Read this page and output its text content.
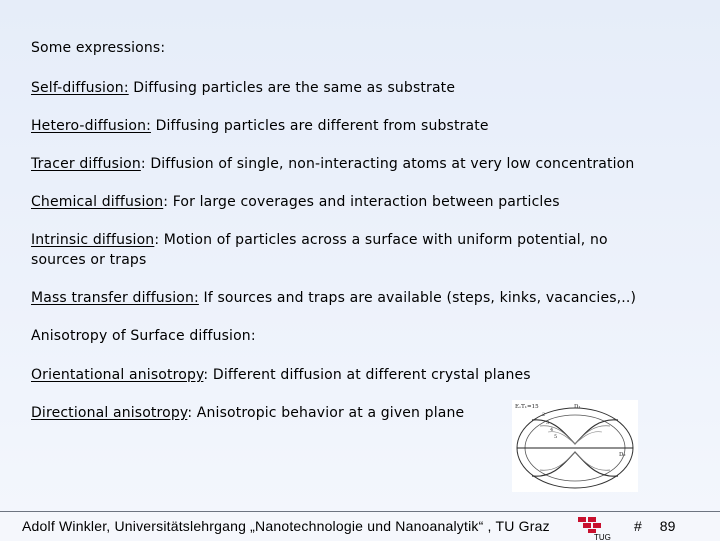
Some expressions:
Self-diffusion: Diffusing particles are the same as substrate
Hetero-diffusion: Diffusing particles are different from substrate
Tracer diffusion: Diffusion of single, non-interacting atoms at very low concentration
Chemical diffusion: For large coverages and interaction between particles
Intrinsic diffusion: Motion of particles across a surface with uniform potential, no sources or traps
Mass transfer diffusion: If sources and traps are available (steps, kinks, vacancies,..)
Anisotropy of Surface diffusion:
Orientational anisotropy: Different diffusion at different crystal planes
Directional anisotropy: Anisotropic behavior at a given plane	EₒT₁=15	D₁
D₂
2
3
4
5
Adolf Winkler, Universitätslehrgang „Nanotechnologie und Nanoanalytik“ , TU Graz
TUG
# 89
